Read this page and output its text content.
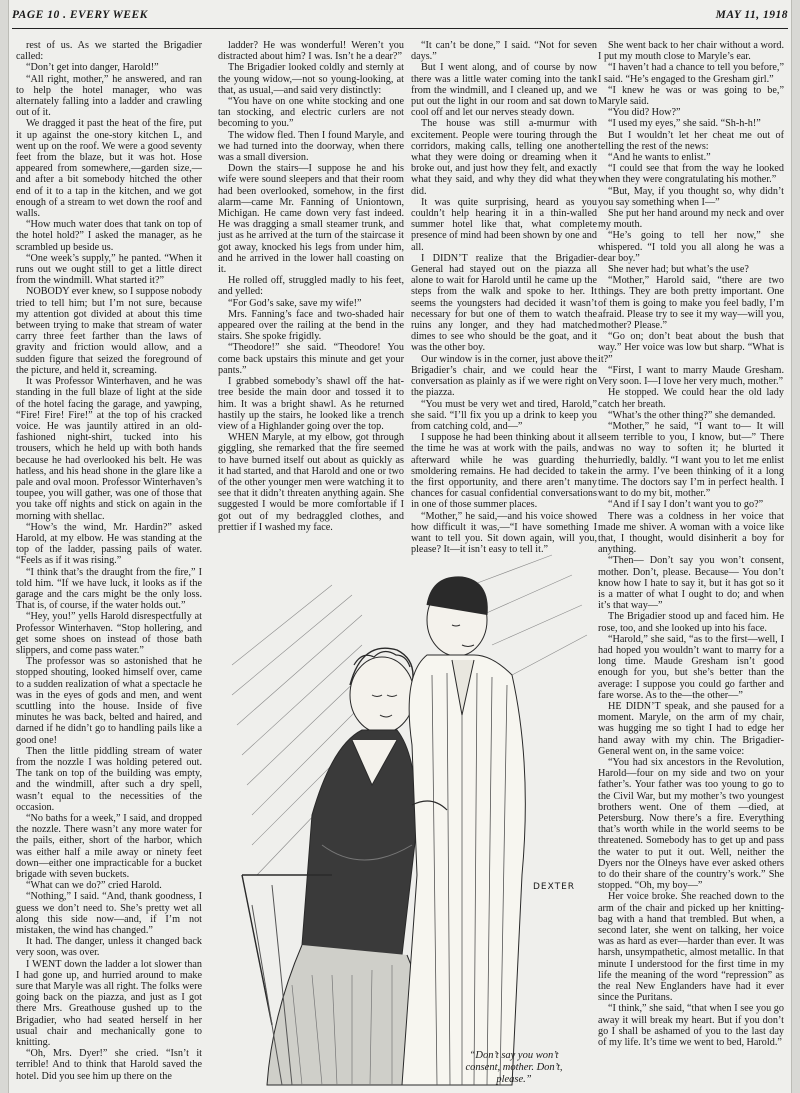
PAGE 10 . EVERY WEEK	MAY 11, 1918

rest of us. As we started the Brigadier called:

“Don’t get into danger, Harold!”

“All right, mother,” he answered, and ran to help the hotel manager, who was alternately falling into a ladder and crawling out of it.

We dragged it past the heat of the fire, put it up against the one-story kitchen L, and went up on the roof. We were a good seventy feet from the blaze, but it was hot. Hose appeared from somewhere,—garden size,—and after a bit somebody hitched the other end of it to a tap in the kitchen, and we got enough of a stream to wet down the roof and walls.

“How much water does that tank on top of the hotel hold?” I asked the manager, as he scrambled up beside us.

“One week’s supply,” he panted. “When it runs out we ought still to get a little direct from the windmill. What started it?”

NOBODY ever knew, so I suppose nobody tried to tell him; but I’m not sure, because my attention got divided at about this time between trying to make that stream of water carry three feet farther than the laws of gravity and friction would allow, and a sudden figure that seized the foreground of the picture, and held it, screaming.

It was Professor Winterhaven, and he was standing in the full blaze of light at the side of the hotel facing the garage, and yawping, “Fire! Fire! Fire!” at the top of his cracked voice. He was jauntily attired in an old-fashioned night-shirt, tucked into his trousers, which he held up with both hands because he had overlooked his belt. He was hatless, and his head shone in the glare like a pale and oval moon. Professor Winterhaven’s toupee, you will gather, was one of those that you take off nights and stick on again in the morning with shellac.

“How’s the wind, Mr. Hardin?” asked Harold, at my elbow. He was standing at the top of the ladder, passing pails of water. “Feels as if it was rising.”

“I think that’s the draught from the fire,” I told him. “If we have luck, it looks as if the garage and the cars might be the only loss. That is, of course, if the water holds out.”

“Hey, you!” yells Harold disrespectfully at Professor Winterhaven. “Stop hollering, and get some shoes on instead of those bath slippers, and come pass water.”

The professor was so astonished that he stopped shouting, looked himself over, came to a sudden realization of what a spectacle he was in the eyes of gods and men, and went scuttling into the house. Inside of five minutes he was back, belted and haired, and darned if he didn’t go to handling pails like a good one!

Then the little piddling stream of water from the nozzle I was holding petered out. The tank on top of the building was empty, and the windmill, after such a dry spell, wasn’t equal to the necessities of the occasion.

“No baths for a week,” I said, and dropped the nozzle. There wasn’t any more water for the pails, either, short of the harbor, which was either half a mile away or ninety feet down—either one impracticable for a bucket brigade with seven buckets.

“What can we do?” cried Harold.

“Nothing,” I said. “And, thank goodness, I guess we don’t need to. She’s pretty wet all along this side now—and, if I’m not mistaken, the wind has changed.”

It had. The danger, unless it changed back very soon, was over.

I WENT down the ladder a lot slower than I had gone up, and hurried around to make sure that Maryle was all right. The folks were going back on the piazza, and just as I got there Mrs. Greathouse gushed up to the Brigadier, who had seated herself in her usual chair and mechanically gone to knitting.

“Oh, Mrs. Dyer!” she cried. “Isn’t it terrible! And to think that Harold saved the hotel. Did you see him up there on the

ladder? He was wonderful! Weren’t you distracted about him? I was. Isn’t he a dear?”

The Brigadier looked coldly and sternly at the young widow,—not so young-looking, at that, as usual,—and said very distinctly:

“You have on one white stocking and one tan stocking, and electric curlers are not becoming to you.”

The widow fled. Then I found Maryle, and we had turned into the doorway, when there was a small diversion.

Down the stairs—I suppose he and his wife were sound sleepers and that their room had been overlooked, somehow, in the first alarm—came Mr. Fanning of Uniontown, Michigan. He came down very fast indeed. He was dragging a small steamer trunk, and just as he arrived at the turn of the staircase it got away, knocked his legs from under him, and he arrived in the lower hall coasting on it.

He rolled off, struggled madly to his feet, and yelled:

“For God’s sake, save my wife!”

Mrs. Fanning’s face and two-shaded hair appeared over the railing at the bend in the stairs. She spoke frigidly.

“Theodore!” she said. “Theodore! You come back upstairs this minute and get your pants.”

I grabbed somebody’s shawl off the hat-tree beside the main door and tossed it to him. It was a bright shawl. As he returned hastily up the stairs, he looked like a trench view of a Highlander going over the top.

WHEN Maryle, at my elbow, got through giggling, she remarked that the fire seemed to have burned itself out about as quickly as it had started, and that Harold and one or two of the other younger men were watching it to see that it didn’t threaten anything again. She suggested I would be more comfortable if I got out of my bedraggled clothes, and prettier if I washed my face.

“It can’t be done,” I said. “Not for seven days.”

But I went along, and of course by now there was a little water coming into the tank from the windmill, and I cleaned up, and we put out the light in our room and sat down to cool off and let our nerves steady down.

The house was still a-murmur with excitement. People were touring through the corridors, making calls, telling one another what they were doing or dreaming when it broke out, and just how they felt, and exactly what they said, and why they did what they did.

It was quite surprising, heard as you couldn’t help hearing it in a thin-walled summer hotel like that, what complete presence of mind had been shown by one and all.

I DIDN’T realize that the Brigadier-General had stayed out on the piazza all alone to wait for Harold until he came up the steps from the walk and spoke to her. It seems the youngsters had decided it wasn’t necessary for but one of them to watch the ruins any longer, and they had matched dimes to see who should be the goat, and it was the other boy.

Our window is in the corner, just above the Brigadier’s chair, and we could hear the conversation as plainly as if we were right on the piazza.

“You must be very wet and tired, Harold,” she said. “I’ll fix you up a drink to keep you from catching cold, and—”

I suppose he had been thinking about it all the time he was at work with the pails, and afterward while he was guarding the smoldering remains. He had decided to take the first opportunity, and there aren’t many chances for casual confidential conversations in one of those summer places.

“Mother,” he said,—and his voice showed how difficult it was,—“I have something I want to tell you. Sit down again, will you, please? It—it isn’t easy to tell it.”

She went back to her chair without a word. I put my mouth close to Maryle’s ear.

“I haven’t had a chance to tell you before,” I said. “He’s engaged to the Gresham girl.”

“I knew he was or was going to be,” Maryle said.

“You did? How?”

“I used my eyes,” she said. “Sh-h-h!”

But I wouldn’t let her cheat me out of telling the rest of the news:

“And he wants to enlist.”

“I could see that from the way he looked when they were congratulating his mother.”

“But, May, if you thought so, why didn’t you say something when I—”

She put her hand around my neck and over my mouth.

“He’s going to tell her now,” she whispered. “I told you all along he was a dear boy.”

She never had; but what’s the use?

“Mother,” Harold said, “there are two things. They are both pretty important. One of them is going to make you feel badly, I’m afraid. Please try to see it my way—will you, mother? Please.”

“Go on; don’t beat about the bush that way.” Her voice was low but sharp. “What is it?”

“First, I want to marry Maude Gresham. Very soon. I—I love her very much, mother.”

He stopped. We could hear the old lady catch her breath.

“What’s the other thing?” she demanded.

“Mother,” he said, “I want to— It will seem terrible to you, I know, but—” There was no way to soften it; he blurted it hurriedly, baldly. “I want you to let me enlist in the army. I’ve been thinking of it a long time. The doctors say I’m in perfect health. I want to do my bit, mother.”

“And if I say I don’t want you to go?”

There was a coldness in her voice that made me shiver. A woman with a voice like that, I thought, would disinherit a boy for anything.

“Then— Don’t say you won’t consent, mother. Don’t, please. Because— You don’t know how I hate to say it, but it has got so it is a matter of what I ought to do; and when it’s that way—”

The Brigadier stood up and faced him. He rose, too, and she looked up into his face.

“Harold,” she said, “as to the first—well, I had hoped you wouldn’t want to marry for a long time. Maude Gresham isn’t good enough for you, but she’s better than the average: I suppose you could go farther and fare worse. As to the—the other—”

HE DIDN’T speak, and she paused for a moment. Maryle, on the arm of my chair, was hugging me so tight I had to edge her hand away with my chin. The Brigadier-General went on, in the same voice:

“You had six ancestors in the Revolution, Harold—four on my side and two on your father’s. Your father was too young to go to the Civil War, but my mother’s two youngest brothers went. One of them —died, at Petersburg. Now there’s a fire. Everything that’s worth while in the world seems to be threatened. Somebody has to get up and pass the water to put it out. Well, neither the Dyers nor the Olneys have ever asked others to do their share of the country’s work.” She stopped. “Oh, my boy—”

Her voice broke. She reached down to the arm of the chair and picked up her knitting-bag with a hand that trembled. But when, a second later, she went on talking, her voice was as hard as ever—harder than ever. It was harsh, unsympathetic, almost metallic. In that minute I understood for the first time in my life the meaning of the word “repression” as the real New Englanders have had it ever since the Puritans.

“I think,” she said, “that when I see you go away it will break my heart. But if you don’t go I shall be ashamed of you to the last day of my life. It’s time we went to bed, Harold.”

DEXTER
“Don’t say you won’t consent, mother. Don’t, please.”
